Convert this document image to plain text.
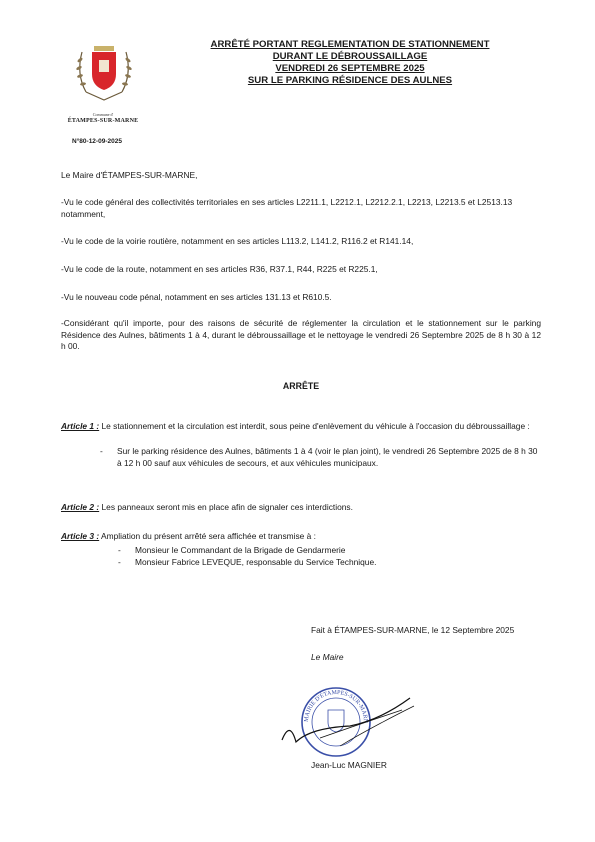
Commune d'
ÉTAMPES-SUR-MARNE
N°80-12-09-2025
ARRÊTÉ PORTANT REGLEMENTATION DE STATIONNEMENT
DURANT LE DÉBROUSSAILLAGE
VENDREDI 26 SEPTEMBRE 2025
SUR LE PARKING RÉSIDENCE DES AULNES
Le Maire d'ÉTAMPES-SUR-MARNE,
-Vu le code général des collectivités territoriales en ses articles L2211.1, L2212.1, L2212.2.1, L2213, L2213.5 et L2513.13 notamment,
-Vu le code de la voirie routière, notamment en ses articles L113.2, L141.2, R116.2 et R141.14,
-Vu le code de la route, notamment en ses articles R36, R37.1, R44, R225 et R225.1,
-Vu le nouveau code pénal, notamment en ses articles 131.13 et R610.5.
-Considérant qu'il importe, pour des raisons de sécurité de réglementer la circulation et le stationnement sur le parking Résidence des Aulnes, bâtiments 1 à 4, durant le débroussaillage et le nettoyage le vendredi 26 Septembre 2025 de 8 h 30 à 12 h 00.
ARRÊTE
Article 1 : Le stationnement et la circulation est interdit, sous peine d'enlèvement du véhicule à l'occasion du débroussaillage :
-	Sur le parking résidence des Aulnes, bâtiments 1 à 4 (voir le plan joint), le vendredi 26 Septembre 2025 de 8 h 30 à 12 h 00 sauf aux véhicules de secours, et aux véhicules municipaux.
Article 2 : Les panneaux seront mis en place afin de signaler ces interdictions.
Article 3 : Ampliation du présent arrêté sera affichée et transmise à :
-	Monsieur le Commandant de la Brigade de Gendarmerie
-	Monsieur Fabrice LEVEQUE, responsable du Service Technique.
Fait à ÉTAMPES-SUR-MARNE, le 12 Septembre 2025
Le Maire
MAIRIE D'ÉTAMPES-SUR-MARN
Jean-Luc MAGNIER
